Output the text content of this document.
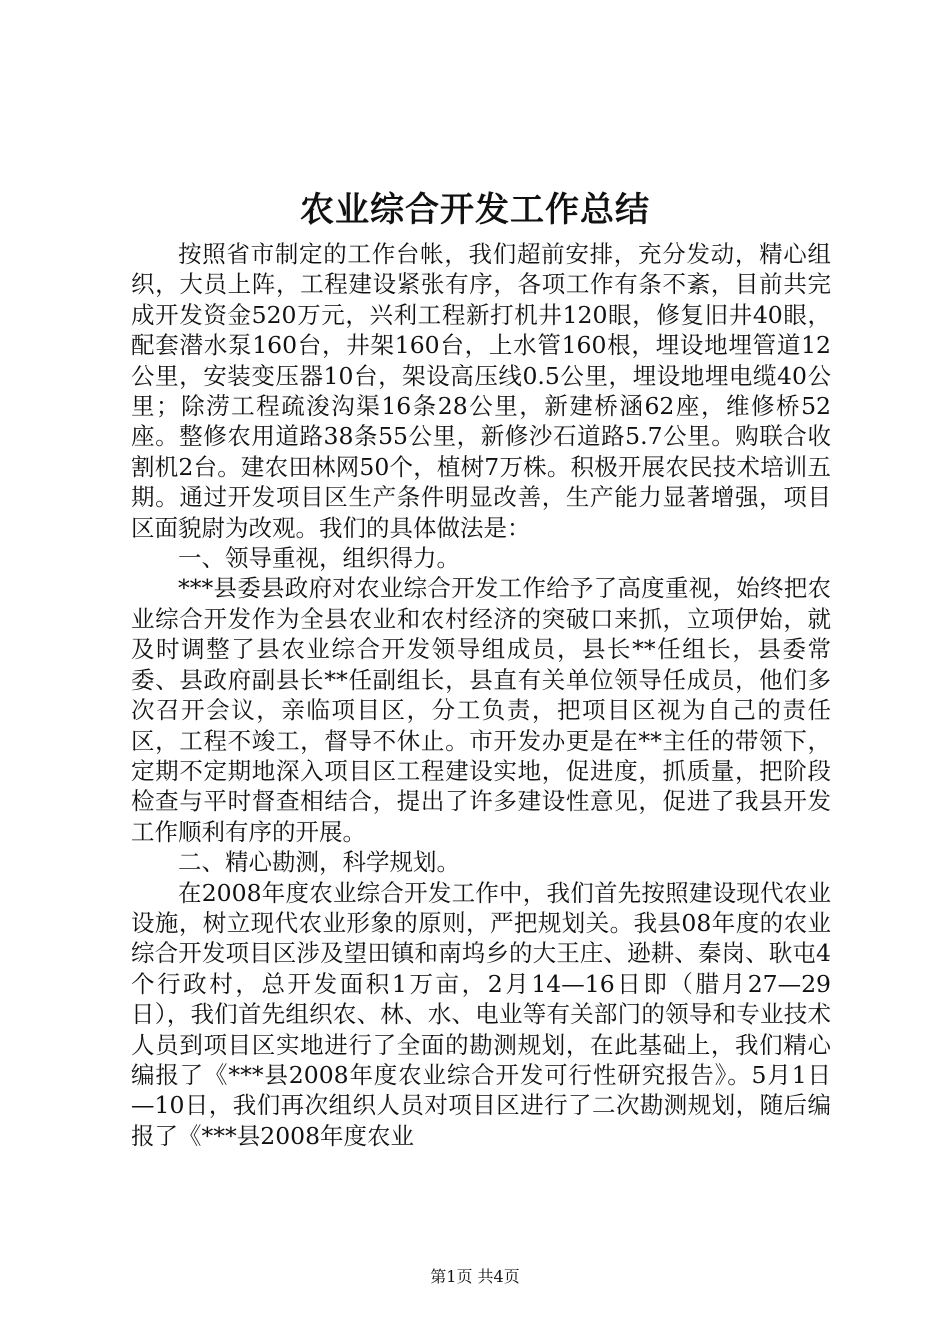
农业综合开发工作总结

按照省市制定的工作台帐，我们超前安排，充分发动，精心组织，大员上阵，工程建设紧张有序，各项工作有条不紊，目前共完成开发资金520万元，兴利工程新打机井120眼，修复旧井40眼，配套潜水泵160台，井架160台，上水管160根，埋设地埋管道12公里，安装变压器10台，架设高压线0.5公里，埋设地埋电缆40公里；除涝工程疏浚沟渠16条28公里，新建桥涵62座，维修桥52座。整修农用道路38条55公里，新修沙石道路5.7公里。购联合收割机2台。建农田林网50个，植树7万株。积极开展农民技术培训五期。通过开发项目区生产条件明显改善，生产能力显著增强，项目区面貌尉为改观。我们的具体做法是：

一、领导重视，组织得力。

***县委县政府对农业综合开发工作给予了高度重视，始终把农业综合开发作为全县农业和农村经济的突破口来抓，立项伊始，就及时调整了县农业综合开发领导组成员，县长**任组长，县委常委、县政府副县长**任副组长，县直有关单位领导任成员，他们多次召开会议，亲临项目区，分工负责，把项目区视为自己的责任区，工程不竣工，督导不休止。市开发办更是在**主任的带领下，定期不定期地深入项目区工程建设实地，促进度，抓质量，把阶段检查与平时督查相结合，提出了许多建设性意见，促进了我县开发工作顺利有序的开展。

二、精心勘测，科学规划。

在2008年度农业综合开发工作中，我们首先按照建设现代农业设施，树立现代农业形象的原则，严把规划关。我县08年度的农业综合开发项目区涉及望田镇和南坞乡的大王庄、逊耕、秦岗、耿屯4个行政村，总开发面积1万亩，2月14—16日即（腊月27—29日），我们首先组织农、林、水、电业等有关部门的领导和专业技术人员到项目区实地进行了全面的勘测规划，在此基础上，我们精心编报了《***县2008年度农业综合开发可行性研究报告》。5月1日—10日，我们再次组织人员对项目区进行了二次勘测规划，随后编报了《***县2008年度农业

第1页 共4页
